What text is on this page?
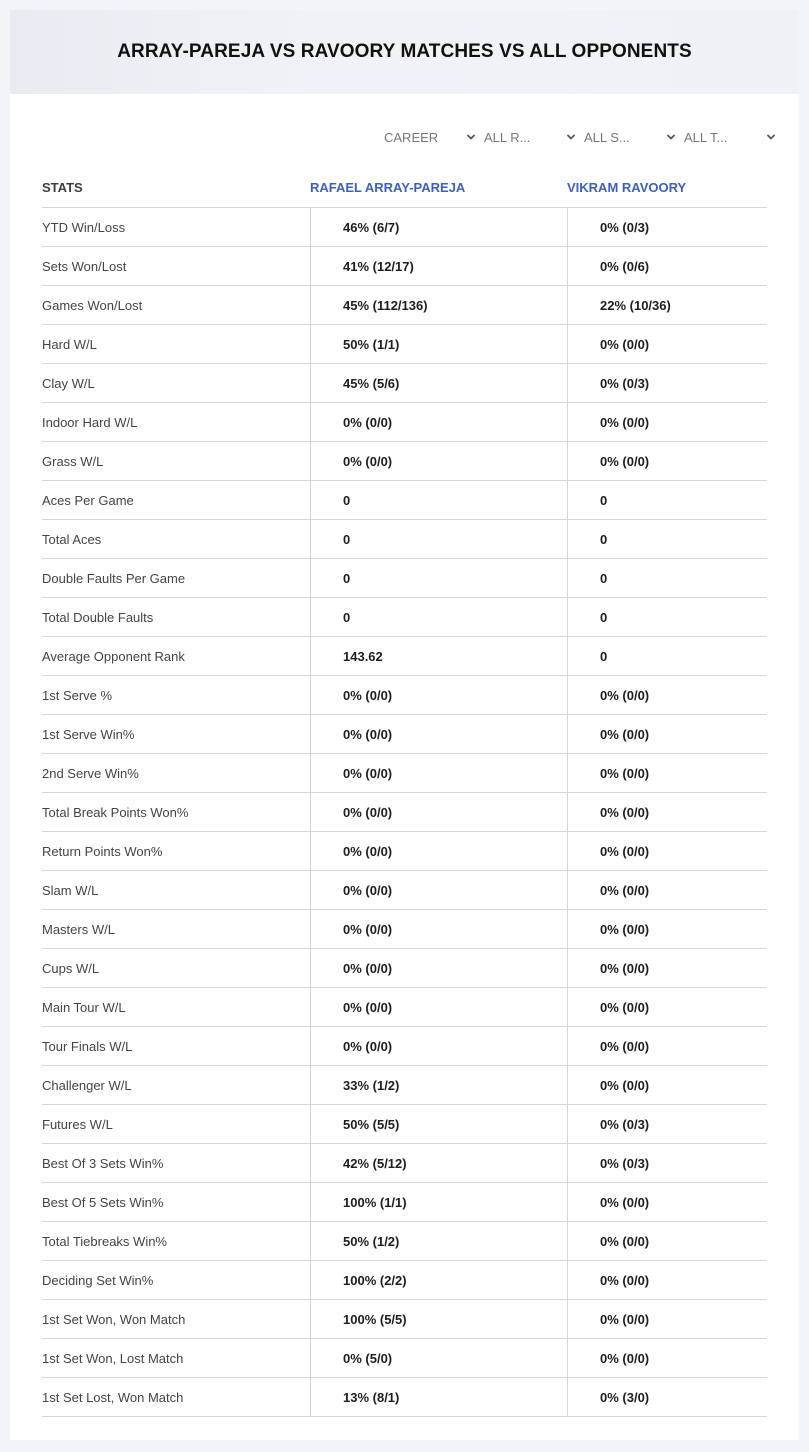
ARRAY-PAREJA VS RAVOORY MATCHES VS ALL OPPONENTS
CAREER	ALL R...	ALL S...	ALL T...
STATS	RAFAEL ARRAY-PAREJA	VIKRAM RAVOORY
YTD Win/Loss	46% (6/7)	0% (0/3)
Sets Won/Lost	41% (12/17)	0% (0/6)
Games Won/Lost	45% (112/136)	22% (10/36)
Hard W/L	50% (1/1)	0% (0/0)
Clay W/L	45% (5/6)	0% (0/3)
Indoor Hard W/L	0% (0/0)	0% (0/0)
Grass W/L	0% (0/0)	0% (0/0)
Aces Per Game	0	0
Total Aces	0	0
Double Faults Per Game	0	0
Total Double Faults	0	0
Average Opponent Rank	143.62	0
1st Serve %	0% (0/0)	0% (0/0)
1st Serve Win%	0% (0/0)	0% (0/0)
2nd Serve Win%	0% (0/0)	0% (0/0)
Total Break Points Won%	0% (0/0)	0% (0/0)
Return Points Won%	0% (0/0)	0% (0/0)
Slam W/L	0% (0/0)	0% (0/0)
Masters W/L	0% (0/0)	0% (0/0)
Cups W/L	0% (0/0)	0% (0/0)
Main Tour W/L	0% (0/0)	0% (0/0)
Tour Finals W/L	0% (0/0)	0% (0/0)
Challenger W/L	33% (1/2)	0% (0/0)
Futures W/L	50% (5/5)	0% (0/3)
Best Of 3 Sets Win%	42% (5/12)	0% (0/3)
Best Of 5 Sets Win%	100% (1/1)	0% (0/0)
Total Tiebreaks Win%	50% (1/2)	0% (0/0)
Deciding Set Win%	100% (2/2)	0% (0/0)
1st Set Won, Won Match	100% (5/5)	0% (0/0)
1st Set Won, Lost Match	0% (5/0)	0% (0/0)
1st Set Lost, Won Match	13% (8/1)	0% (3/0)
